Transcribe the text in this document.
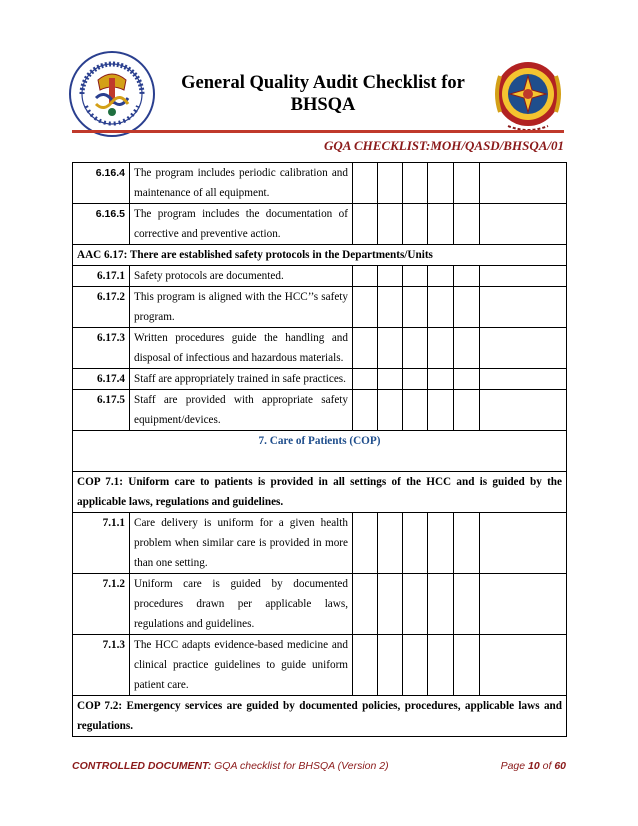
General Quality Audit Checklist for
BHSQA
GQA CHECKLIST:MOH/QASD/BHSQA/01
6.16.4	The program includes periodic calibration and maintenance of all equipment.						
6.16.5	The program includes the documentation of corrective and preventive action.						
AAC 6.17: There are established safety protocols in the Departments/Units							
6.17.1	Safety protocols are documented.						
6.17.2	This program is aligned with the HCC’’s safety program.						
6.17.3	Written procedures guide the handling and disposal of infectious and hazardous materials.						
6.17.4	Staff are appropriately trained in safe practices.						
6.17.5	Staff are provided with appropriate safety equipment/devices.						
7. Care of Patients (COP)							
COP 7.1: Uniform care to patients is provided in all settings of the HCC and is guided by the applicable laws, regulations and guidelines.							
7.1.1	Care delivery is uniform for a given health problem when similar care is provided in more than one setting.						
7.1.2	Uniform care is guided by documented procedures drawn per applicable laws, regulations and guidelines.						
7.1.3	The HCC adapts evidence-based medicine and clinical practice guidelines to guide uniform patient care.						
COP 7.2: Emergency services are guided by documented policies, procedures, applicable laws and regulations.							
CONTROLLED DOCUMENT: GQA checklist for BHSQA (Version 2)	Page 10 of 60
